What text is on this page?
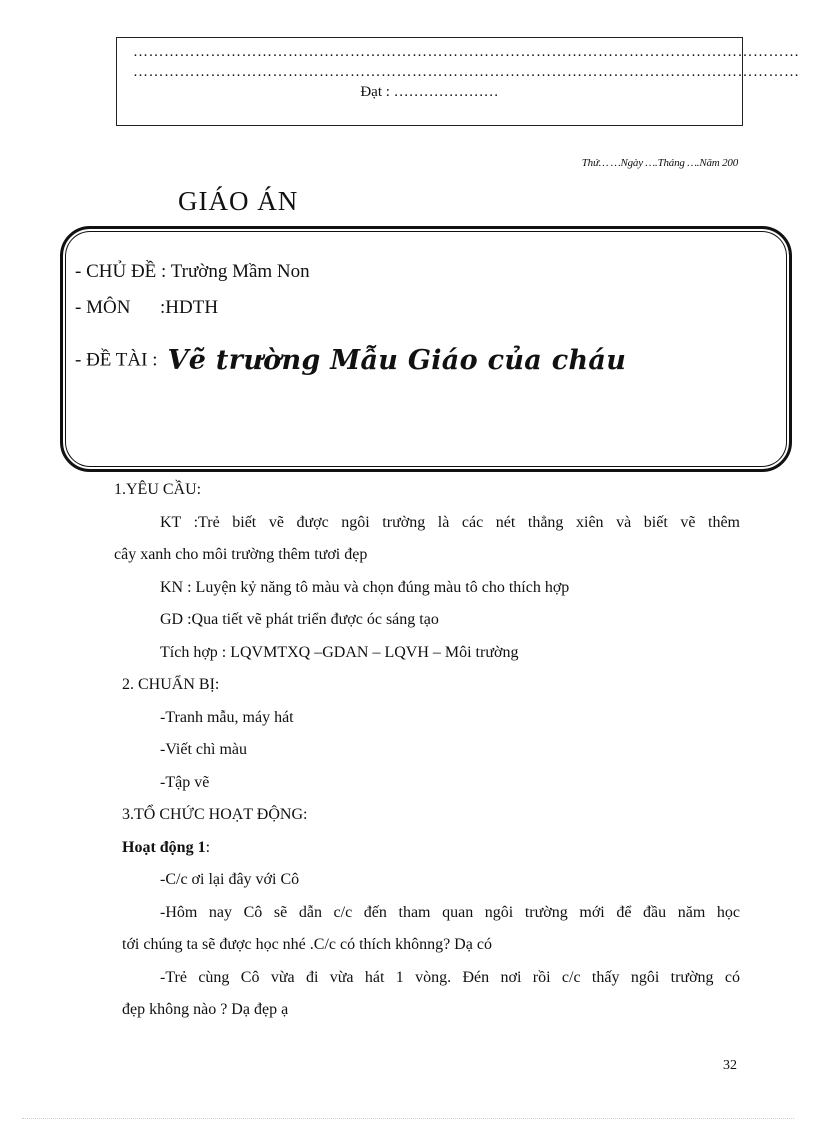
…………………………………………………………………………………………………………………
…………………………………………………………………………………………………………………
Đạt : …………………
Thứ… …Ngày ….Tháng ….Năm 200
GIÁO ÁN
- CHỦ ĐỀ : Trường Mầm Non
- MÔN :HDTH
- ĐỀ TÀI : Vẽ trường Mẫu Giáo của cháu
1.YÊU CẦU:
KT :Trẻ biết vẽ được ngôi trường là các nét thẳng xiên và biết vẽ thêm
cây xanh cho môi trường thêm tươi đẹp
KN : Luyện kỷ năng tô màu và chọn đúng màu tô cho thích hợp
GD :Qua tiết vẽ phát triển được óc sáng tạo
Tích hợp : LQVMTXQ –GDAN – LQVH – Môi trường
2. CHUẨN BỊ:
-Tranh mẫu, máy hát
-Viết chì màu
-Tập vẽ
3.TỔ CHỨC HOẠT ĐỘNG:
Hoạt động 1:
-C/c ơi lại đây với Cô
-Hôm nay Cô sẽ dẫn c/c đến tham quan ngôi trường mới để đầu năm học
tới chúng ta sẽ được học nhé .C/c có thích khônng? Dạ có
-Trẻ cùng Cô vừa đi vừa hát 1 vòng. Đén nơi rồi c/c thấy ngôi trường có
đẹp không nào ? Dạ đẹp ạ
32
